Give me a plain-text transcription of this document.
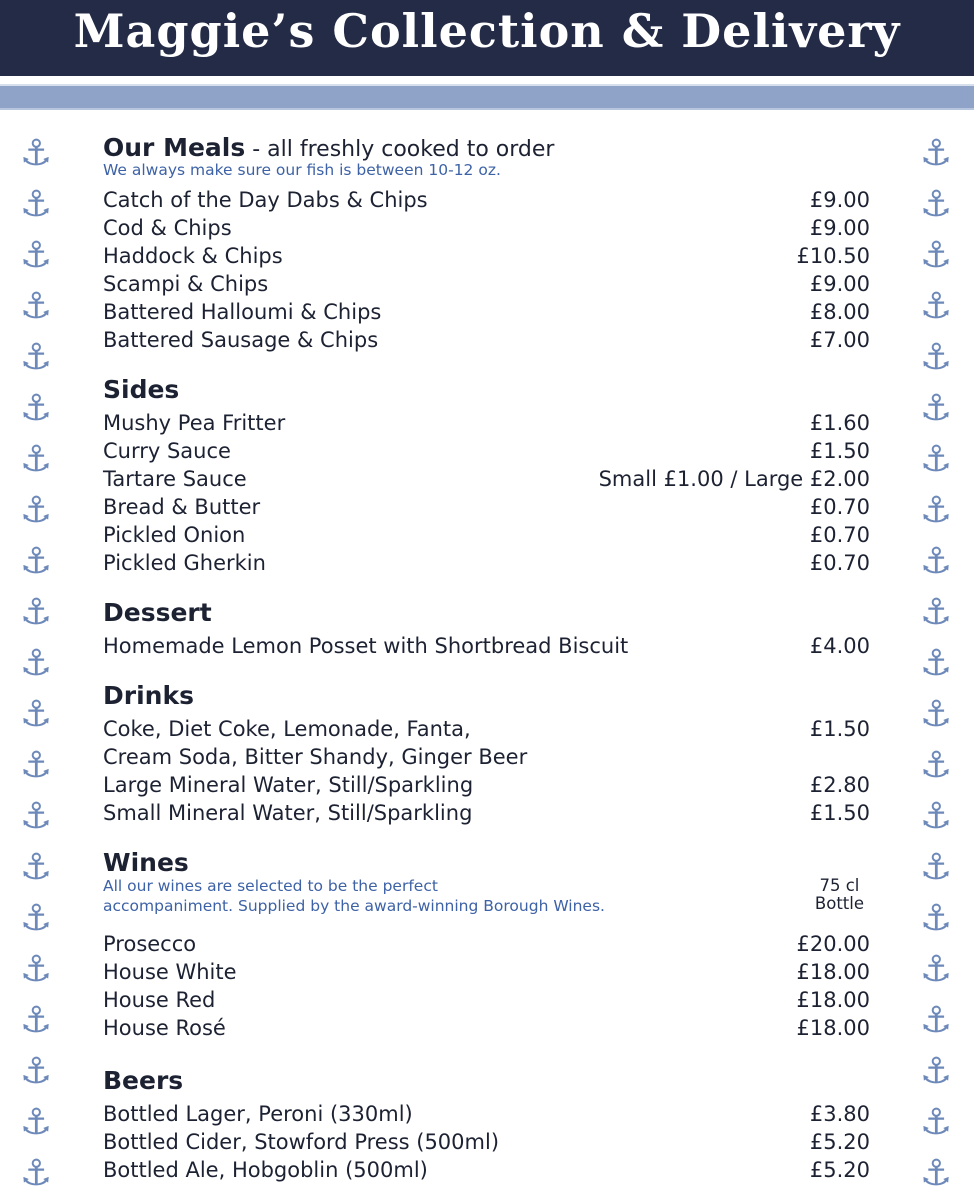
Maggie’s Collection & Delivery
⚓
⚓
⚓
⚓
⚓
⚓
⚓
⚓
⚓
⚓
⚓
⚓
⚓
⚓
⚓
⚓
⚓
⚓
⚓
⚓
⚓
⚓
⚓
⚓
⚓
⚓
⚓
⚓
⚓
⚓
⚓
⚓
⚓
⚓
⚓
⚓
⚓
⚓
⚓
⚓
⚓
⚓
Our Meals - all freshly cooked to order
We always make sure our fish is between 10-12 oz.
Catch of the Day Dabs & Chips	£9.00
Cod & Chips	£9.00
Haddock & Chips	£10.50
Scampi & Chips	£9.00
Battered Halloumi & Chips	£8.00
Battered Sausage & Chips	£7.00
Sides
Mushy Pea Fritter	£1.60
Curry Sauce	£1.50
Tartare Sauce	Small £1.00 / Large £2.00
Bread & Butter	£0.70
Pickled Onion	£0.70
Pickled Gherkin	£0.70
Dessert
Homemade Lemon Posset with Shortbread Biscuit	£4.00
Drinks
Coke, Diet Coke, Lemonade, Fanta,	£1.50
Cream Soda, Bitter Shandy, Ginger Beer
Large Mineral Water, Still/Sparkling	£2.80
Small Mineral Water, Still/Sparkling	£1.50
Wines
All our wines are selected to be the perfect
accompaniment. Supplied by the award-winning Borough Wines.
75 cl
Bottle
Prosecco	£20.00
House White	£18.00
House Red	£18.00
House Rosé	£18.00
Beers
Bottled Lager, Peroni (330ml)	£3.80
Bottled Cider, Stowford Press (500ml)	£5.20
Bottled Ale, Hobgoblin (500ml)	£5.20
